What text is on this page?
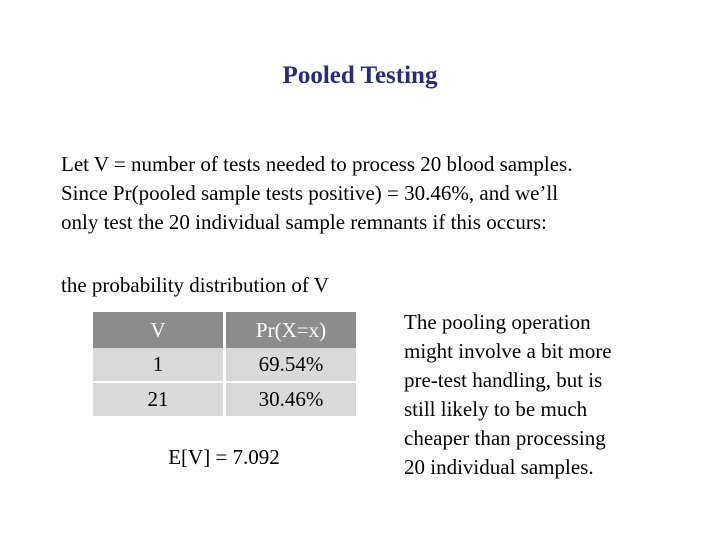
Pooled Testing
Let V = number of tests needed to process 20 blood samples.
Since Pr(pooled sample tests positive) = 30.46%, and we’ll
only test the 20 individual sample remnants if this occurs:
the probability distribution of V
V	Pr(X=x)
1	69.54%
21	30.46%
E[V] = 7.092
The pooling operation
might involve a bit more
pre-test handling, but is
still likely to be much
cheaper than processing
20 individual samples.
